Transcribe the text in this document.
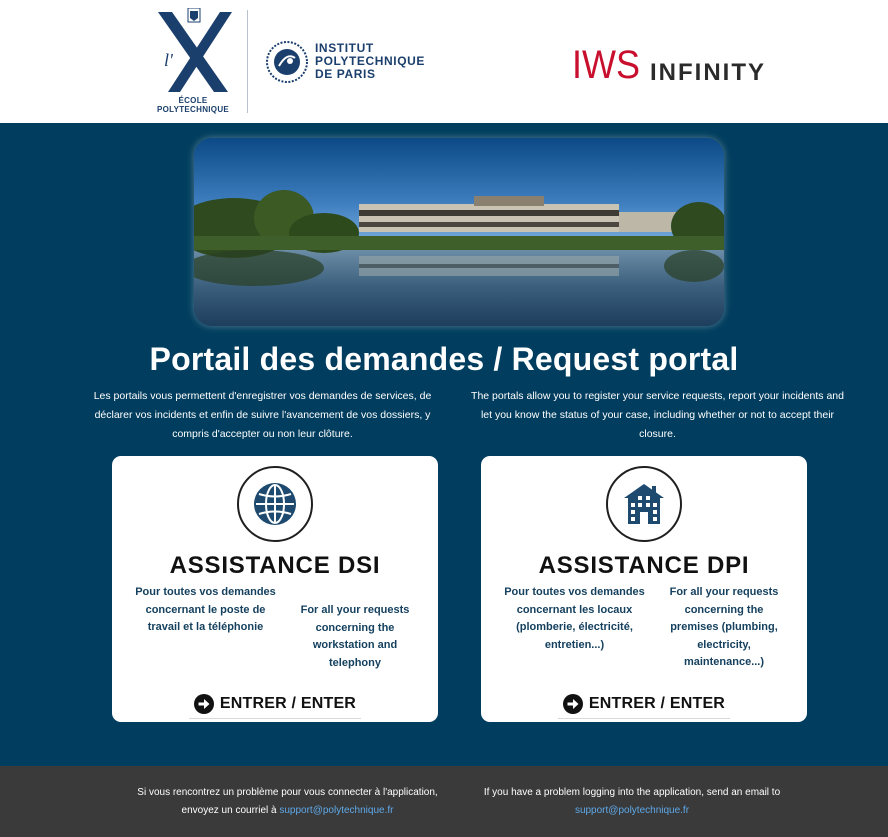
l'
ÉCOLE
POLYTECHNIQUE
INSTITUT
POLYTECHNIQUE
DE PARIS	IWS INFINITY
Portail des demandes / Request portal

Les portails vous permettent d'enregistrer vos demandes de services, de déclarer vos incidents et enfin de suivre l'avancement de vos dossiers, y compris d'accepter ou non leur clôture.

The portals allow you to register your service requests, report your incidents and let you know the status of your case, including whether or not to accept their closure.

ASSISTANCE DSI

Pour toutes vos demandes concernant le poste de travail et la téléphonie

For all your requests concerning the workstation and telephony

ENTRER / ENTER
ASSISTANCE DPI

Pour toutes vos demandes concernant les locaux (plomberie, électricité, entretien...)

For all your requests concerning the premises (plumbing, electricity, maintenance...)

ENTRER / ENTER

Si vous rencontrez un problème pour vous connecter à l'application, envoyez un courriel à support@polytechnique.fr

If you have a problem logging into the application, send an email to support@polytechnique.fr
